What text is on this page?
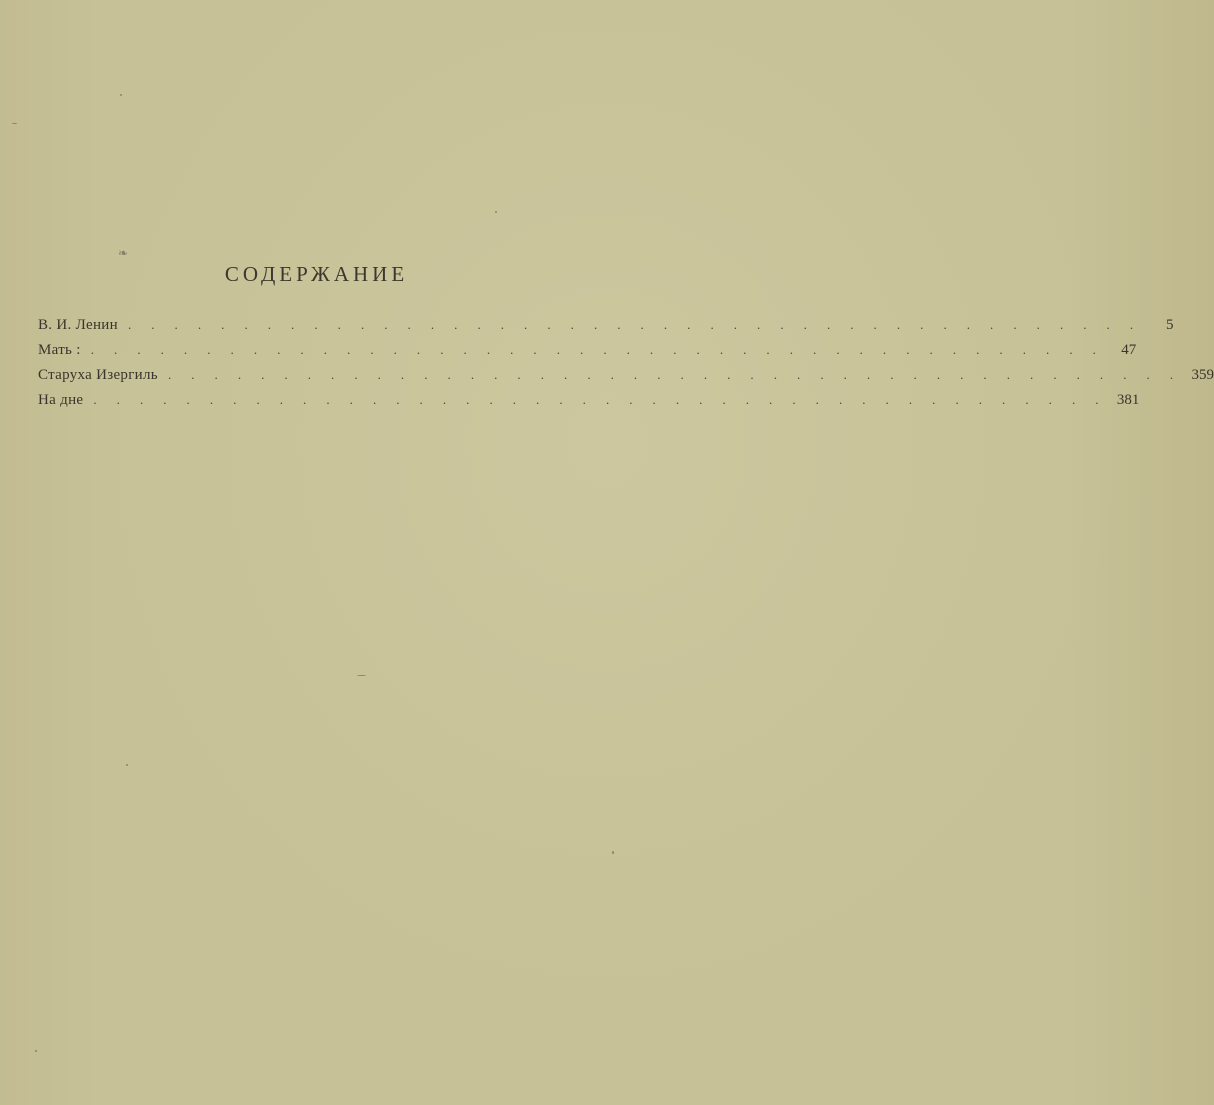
❧
СОДЕРЖАНИЕ
В. И. Ленин . . . . . . . . . . . . . . . . . . . . . . . . . . . . . . . . . . . . . . . . . . . .	5
Мать : . . . . . . . . . . . . . . . . . . . . . . . . . . . . . . . . . . . . . . . . . . . .	47
Старуха Изергиль . . . . . . . . . . . . . . . . . . . . . . . . . . . . . . . . . . . . . . . . . . . . 359
На дне . . . . . . . . . . . . . . . . . . . . . . . . . . . . . . . . . . . . . . . . . . . . 381
